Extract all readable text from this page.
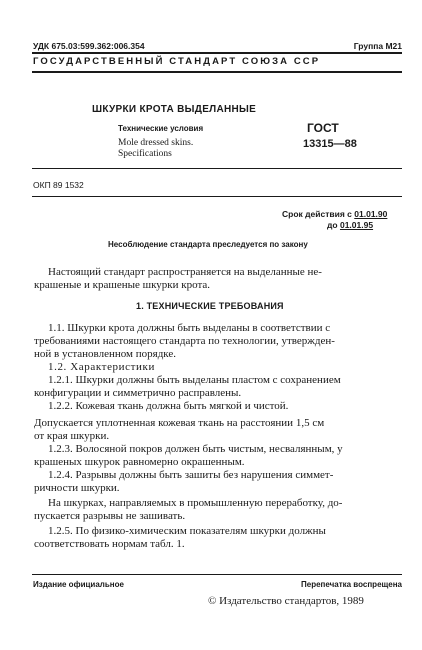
УДК 675.03:599.362:006.354	Группа М21
ГОСУДАРСТВЕННЫЙ СТАНДАРТ СОЮЗА ССР
ШКУРКИ КРОТА ВЫДЕЛАННЫЕ
Технические условия
Mole dressed skins.
Specifications
ГОСТ
13315—88
ОКП 89 1532
Срок действия с 01.01.90
до 01.01.95
Несоблюдение стандарта преследуется по закону
Настоящий стандарт распространяется на выделанные не-
крашеные и крашеные шкурки крота.
1. ТЕХНИЧЕСКИЕ ТРЕБОВАНИЯ
1.1. Шкурки крота должны быть выделаны в соответствии с
требованиями настоящего стандарта по технологии, утвержден-
ной в установленном порядке.
1.2. Характеристики
1.2.1. Шкурки должны быть выделаны пластом с сохранением
конфигурации и симметрично расправлены.
1.2.2. Кожевая ткань должна быть мягкой и чистой.
Допускается уплотненная кожевая ткань на расстоянии 1,5 см
от края шкурки.
1.2.3. Волосяной покров должен быть чистым, несвалянным, у
крашеных шкурок равномерно окрашенным.
1.2.4. Разрывы должны быть зашиты без нарушения симмет-
ричности шкурки.
На шкурках, направляемых в промышленную переработку, до-
пускается разрывы не зашивать.
1.2.5. По физико-химическим показателям шкурки должны
соответствовать нормам табл. 1.
Издание официальное	Перепечатка воспрещена
© Издательство стандартов, 1989
